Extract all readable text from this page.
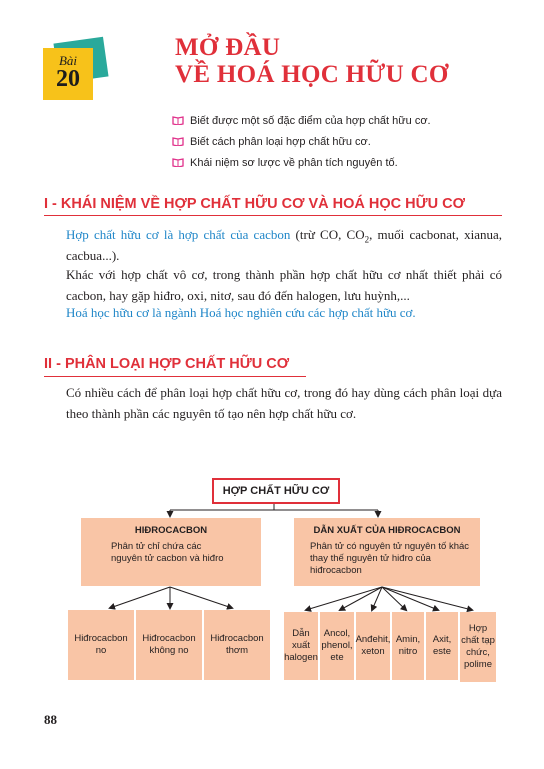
Bài
20
MỞ ĐẦU
VỀ HOÁ HỌC HỮU CƠ
Biết được một số đặc điểm của hợp chất hữu cơ.
Biết cách phân loại hợp chất hữu cơ.
Khái niệm sơ lược về phân tích nguyên tố.
I - KHÁI NIỆM VỀ HỢP CHẤT HỮU CƠ VÀ HOÁ HỌC HỮU CƠ
Hợp chất hữu cơ là hợp chất của cacbon (trừ CO, $CO_2$, muối cacbonat, xianua, cacbua...).
Khác với hợp chất vô cơ, trong thành phần hợp chất hữu cơ nhất thiết phải có cacbon, hay gặp hiđro, oxi, nitơ, sau đó đến halogen, lưu huỳnh,...
Hoá học hữu cơ là ngành Hoá học nghiên cứu các hợp chất hữu cơ.
II - PHÂN LOẠI HỢP CHẤT HỮU CƠ
Có nhiều cách để phân loại hợp chất hữu cơ, trong đó hay dùng cách phân loại dựa theo thành phần các nguyên tố tạo nên hợp chất hữu cơ.
HỢP CHẤT HỮU CƠ
HIĐROCACBON
Phân tử chỉ chứa các nguyên tử cacbon và hiđro
DẪN XUẤT CỦA HIĐROCACBON
Phân tử có nguyên tử nguyên tố khác thay thế nguyên tử hiđro của hiđrocacbon
Hiđrocacbon no
Hiđrocacbon không no
Hiđrocacbon thơm
Dẫn xuất halogen
Ancol, phenol, ete
Anđehit, xeton
Amin, nitro
Axit, este
Hợp chất tạp chức, polime
88
